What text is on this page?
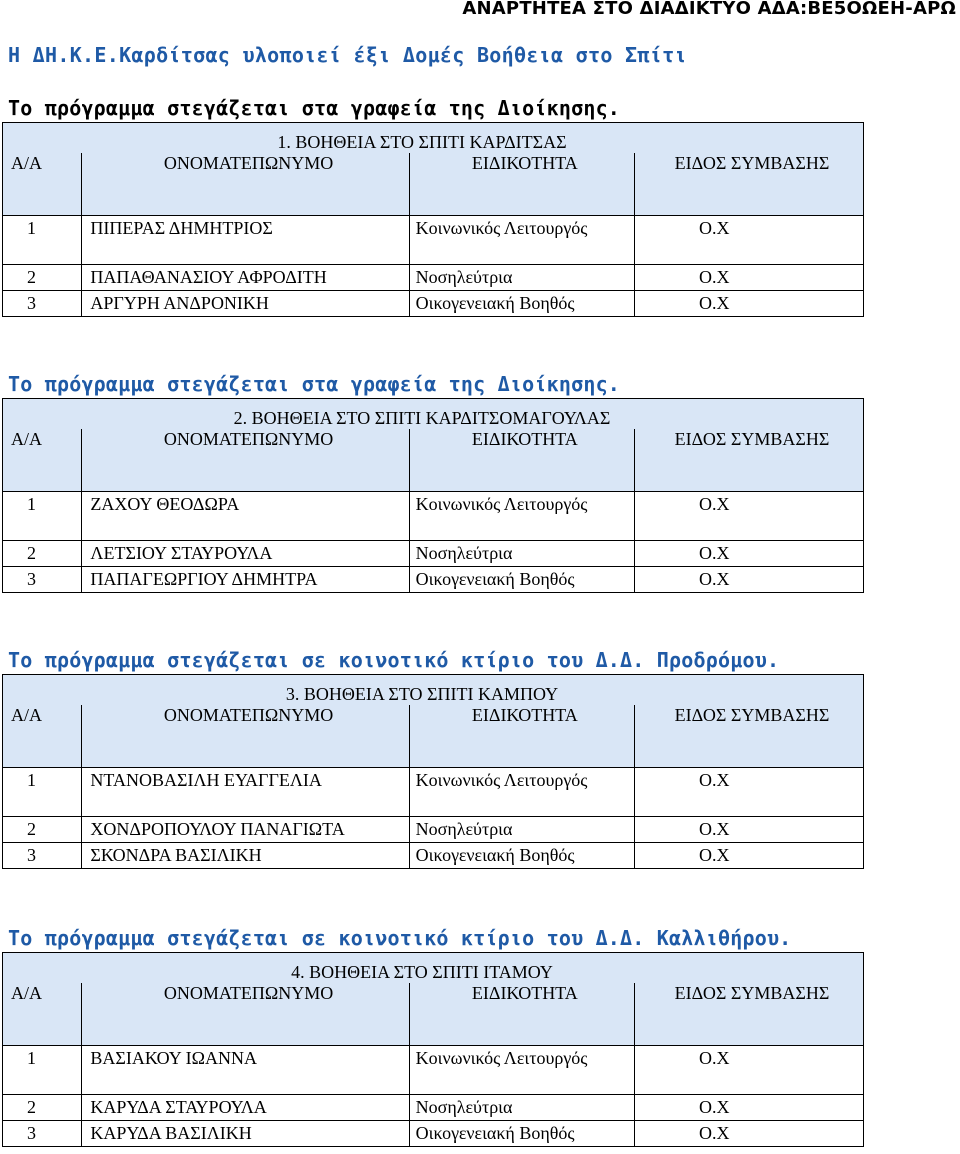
ΑΝΑΡΤΗΤΕΑ ΣΤΟ ΔΙΑΔΙΚΤΥΟ ΑΔΑ:ΒΕ5ΟΩΕΗ-ΑΡΩ
Η ΔΗ.Κ.Ε.Καρδίτσας υλοποιεί έξι Δομές Βοήθεια στο Σπίτι
Το πρόγραμμα στεγάζεται στα γραφεία της Διοίκησης.
1. ΒΟΗΘΕΙΑ ΣΤΟ ΣΠΙΤΙ ΚΑΡΔΙΤΣΑΣ			
Α/Α	ΟΝΟΜΑΤΕΠΩΝΥΜΟ	ΕΙΔΙΚΟΤΗΤΑ	ΕΙΔΟΣ ΣΥΜΒΑΣΗΣ
1	ΠΙΠΕΡΑΣ ΔΗΜΗΤΡΙΟΣ	Κοινωνικός Λειτουργός	Ο.Χ
2	ΠΑΠΑΘΑΝΑΣΙΟΥ ΑΦΡΟΔΙΤΗ	Νοσηλεύτρια	Ο.Χ
3	ΑΡΓΥΡΗ ΑΝΔΡΟΝΙΚΗ	Οικογενειακή Βοηθός	Ο.Χ
Το πρόγραμμα στεγάζεται στα γραφεία της Διοίκησης.
2. ΒΟΗΘΕΙΑ ΣΤΟ ΣΠΙΤΙ ΚΑΡΔΙΤΣΟΜΑΓΟΥΛΑΣ			
Α/Α	ΟΝΟΜΑΤΕΠΩΝΥΜΟ	ΕΙΔΙΚΟΤΗΤΑ	ΕΙΔΟΣ ΣΥΜΒΑΣΗΣ
1	ΖΑΧΟΥ ΘΕΟΔΩΡΑ	Κοινωνικός Λειτουργός	Ο.Χ
2	ΛΕΤΣΙΟΥ ΣΤΑΥΡΟΥΛΑ	Νοσηλεύτρια	Ο.Χ
3	ΠΑΠΑΓΕΩΡΓΙΟΥ ΔΗΜΗΤΡΑ	Οικογενειακή Βοηθός	Ο.Χ
Το πρόγραμμα στεγάζεται σε κοινοτικό κτίριο του Δ.Δ. Προδρόμου.
3. ΒΟΗΘΕΙΑ ΣΤΟ ΣΠΙΤΙ ΚΑΜΠΟΥ			
Α/Α	ΟΝΟΜΑΤΕΠΩΝΥΜΟ	ΕΙΔΙΚΟΤΗΤΑ	ΕΙΔΟΣ ΣΥΜΒΑΣΗΣ
1	ΝΤΑΝΟΒΑΣΙΛΗ ΕΥΑΓΓΕΛΙΑ	Κοινωνικός Λειτουργός	Ο.Χ
2	ΧΟΝΔΡΟΠΟΥΛΟΥ ΠΑΝΑΓΙΩΤΑ	Νοσηλεύτρια	Ο.Χ
3	ΣΚΟΝΔΡΑ ΒΑΣΙΛΙΚΗ	Οικογενειακή Βοηθός	Ο.Χ
Το πρόγραμμα στεγάζεται σε κοινοτικό κτίριο του Δ.Δ. Καλλιθήρου.
4. ΒΟΗΘΕΙΑ ΣΤΟ ΣΠΙΤΙ ΙΤΑΜΟΥ			
Α/Α	ΟΝΟΜΑΤΕΠΩΝΥΜΟ	ΕΙΔΙΚΟΤΗΤΑ	ΕΙΔΟΣ ΣΥΜΒΑΣΗΣ
1	ΒΑΣΙΑΚΟΥ ΙΩΑΝΝΑ	Κοινωνικός Λειτουργός	Ο.Χ
2	ΚΑΡΥΔΑ ΣΤΑΥΡΟΥΛΑ	Νοσηλεύτρια	Ο.Χ
3	ΚΑΡΥΔΑ ΒΑΣΙΛΙΚΗ	Οικογενειακή Βοηθός	Ο.Χ
